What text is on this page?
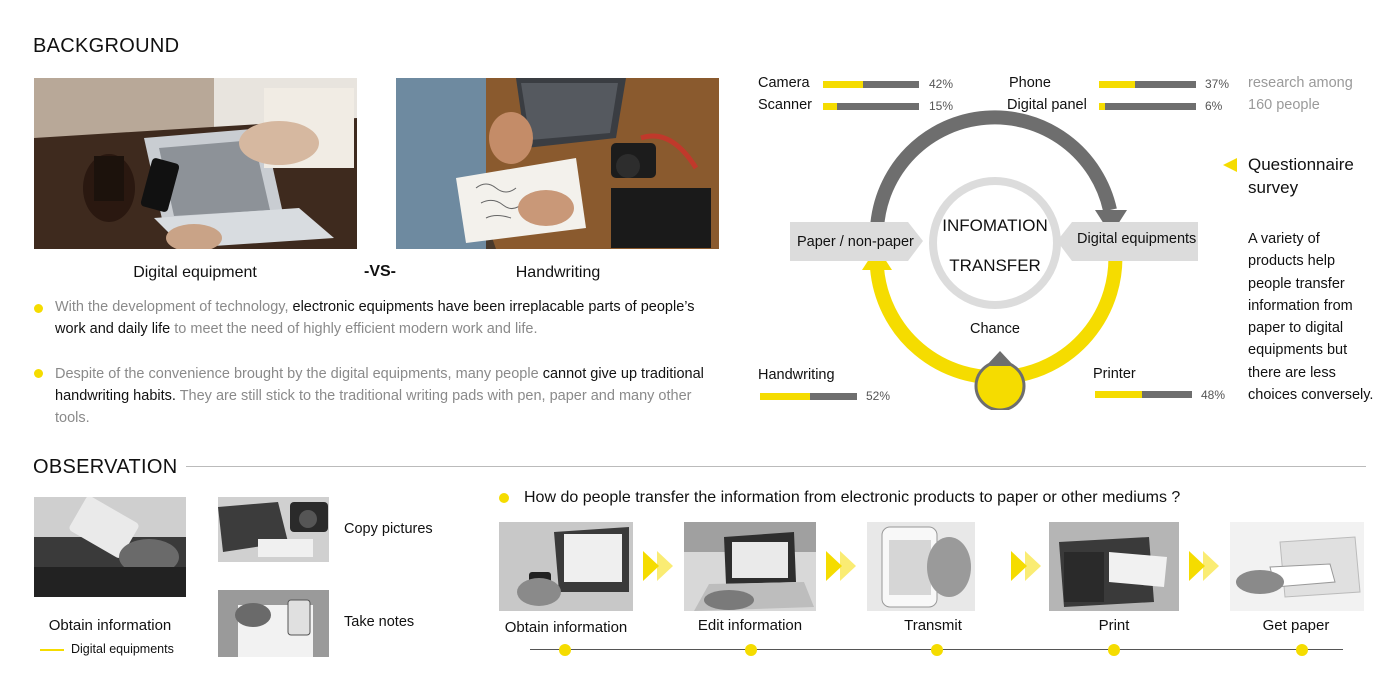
BACKGROUND
Digital equipment	-VS-	Handwriting
With the development of technology, electronic equipments have been irreplacable parts of people’s work and daily life to meet the need of highly efficient modern work and life.
Despite of the convenience brought by the digital equipments, many people cannot give up traditional handwriting habits. They are still stick to the traditional writing pads with pen, paper and many other tools.
Camera	42%
Scanner	15%
Phone	37%
Digital panel	6%
research among
160 people
INFOMATION
TRANSFER
Paper / non-paper	Digital equipments
Chance
Handwriting
52%
Printer
48%
Questionnaire
survey
A variety of
products help
people transfer
information from
paper to digital
equipments but
there are less
choices conversely.
OBSERVATION
Obtain information
Digital equipments
Copy pictures
Take notes
How do people transfer the information from electronic products to paper or other mediums ?
Obtain information	Edit information	Transmit	Print	Get paper
